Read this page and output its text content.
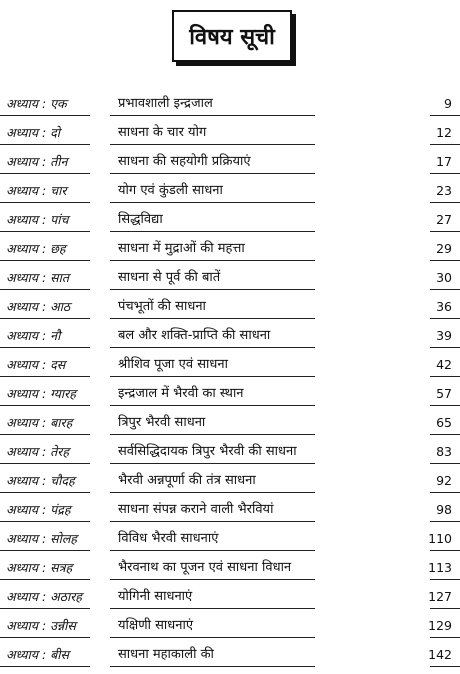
विषय सूची
अध्याय : एक	प्रभावशाली इन्द्रजाल	9
अध्याय : दो	साधना के चार योग	12
अध्याय : तीन	साधना की सहयोगी प्रक्रियाएं	17
अध्याय : चार	योग एवं कुंडली साधना	23
अध्याय : पांच	सिद्धविद्या	27
अध्याय : छह	साधना में मुद्राओं की महत्ता	29
अध्याय : सात	साधना से पूर्व की बातें	30
अध्याय : आठ	पंचभूतों की साधना	36
अध्याय : नौ	बल और शक्ति-प्राप्ति की साधना	39
अध्याय : दस	श्रीशिव पूजा एवं साधना	42
अध्याय : ग्यारह	इन्द्रजाल में भैरवी का स्थान	57
अध्याय : बारह	त्रिपुर भैरवी साधना	65
अध्याय : तेरह	सर्वसिद्धिदायक त्रिपुर भैरवी की साधना	83
अध्याय : चौदह	भैरवी अन्नपूर्णा की तंत्र साधना	92
अध्याय : पंद्रह	साधना संपन्न कराने वाली भैरवियां	98
अध्याय : सोलह	विविध भैरवी साधनाएं	110
अध्याय : सत्रह	भैरवनाथ का पूजन एवं साधना विधान	113
अध्याय : अठारह	योगिनी साधनाएं	127
अध्याय : उन्नीस	यक्षिणी साधनाएं	129
अध्याय : बीस	साधना महाकाली की	142
